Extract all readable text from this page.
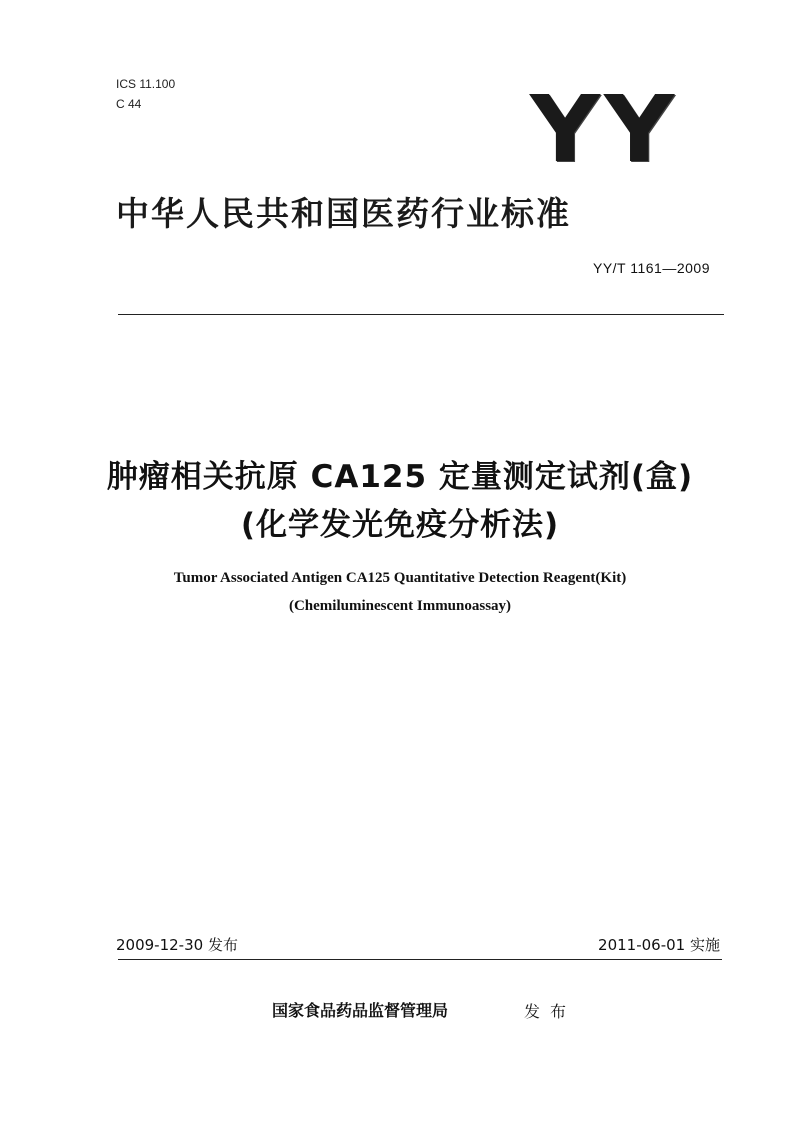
ICS 11.100
C 44	YY
中华人民共和国医药行业标准
YY/T 1161—2009
肿瘤相关抗原 CA125 定量测定试剂(盒)
(化学发光免疫分析法)
Tumor Associated Antigen CA125 Quantitative Detection Reagent(Kit)
(Chemiluminescent Immunoassay)
2009-12-30 发布	2011-06-01 实施
国家食品药品监督管理局	发布
